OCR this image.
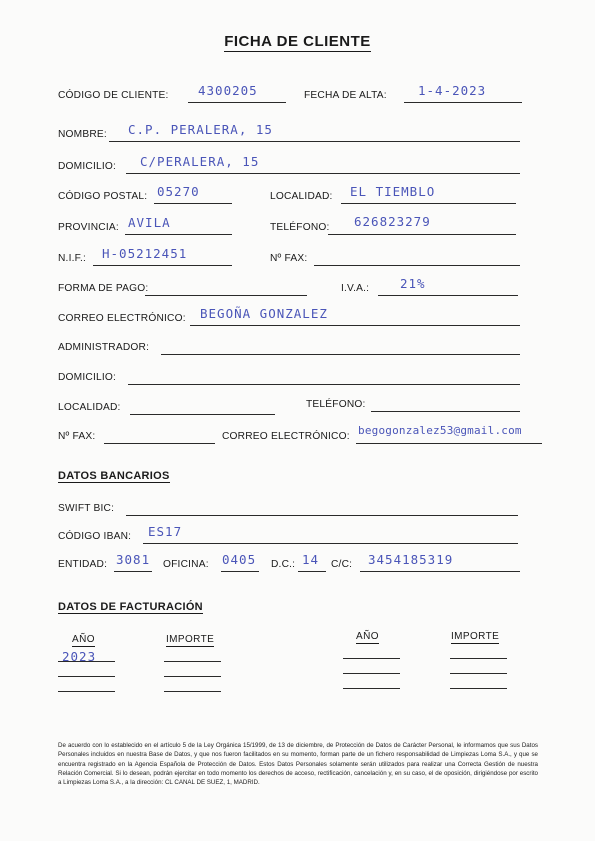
FICHA DE CLIENTE
CÓDIGO DE CLIENTE: 4300205	FECHA DE ALTA: 1-4-2023
NOMBRE: C.P. PERALERA, 15
DOMICILIO: C/PERALERA, 15
CÓDIGO POSTAL: 05270	LOCALIDAD: EL TIEMBLO
PROVINCIA: AVILA	TELÉFONO: 626823279
N.I.F.: H-05212451	Nº FAX:
FORMA DE PAGO:	I.V.A.: 21%
CORREO ELECTRÓNICO: BEGOÑA GONZALEZ
ADMINISTRADOR:
DOMICILIO:
LOCALIDAD:	TELÉFONO:
Nº FAX:	CORREO ELECTRÓNICO: begogonzalez53@gmail.com
DATOS BANCARIOS
SWIFT BIC:
CÓDIGO IBAN: ES17
ENTIDAD: 3081 OFICINA: 0405 D.C.: 14 C/C: 3454185319
DATOS DE FACTURACIÓN
AÑO	IMPORTE	AÑO	IMPORTE
2023
De acuerdo con lo establecido en el artículo 5 de la Ley Orgánica 15/1999, de 13 de diciembre, de Protección de Datos de Carácter Personal, le informamos que sus Datos Personales incluidos en nuestra Base de Datos, y que nos fueron facilitados en su momento, forman parte de un fichero responsabilidad de Limpiezas Loma S.A., y que se encuentra registrado en la Agencia Española de Protección de Datos. Estos Datos Personales solamente serán utilizados para realizar una Correcta Gestión de nuestra Relación Comercial. Si lo desean, podrán ejercitar en todo momento los derechos de acceso, rectificación, cancelación y, en su caso, el de oposición, dirigiéndose por escrito a Limpiezas Loma S.A., a la dirección: CL CANAL DE SUEZ, 1, MADRID.
